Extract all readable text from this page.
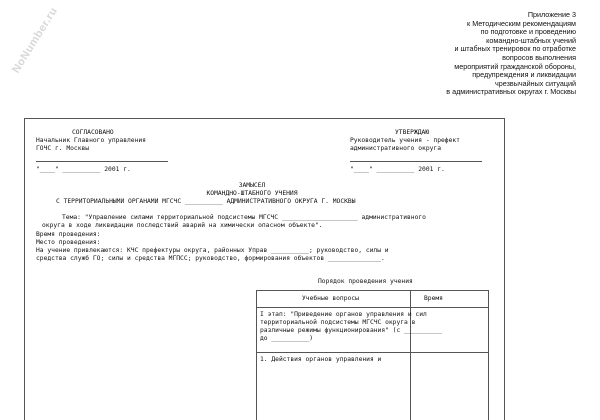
NoNumber.ru	Приложение 3
к Методическим рекомендациям
по подготовке и проведению
командно-штабных учений
и штабных тренировок по отработке
вопросов выполнения
мероприятий гражданской обороны,
предупреждения и ликвидации
чрезвычайных ситуаций
в административных округах г. Москвы
СОГЛАСОВАНО
Начальник Главного управления
ГОЧС г. Москвы
"____" __________ 2001 г.
УТВЕРЖДАЮ
Руководитель учения - префект
административного округа
"____" __________ 2001 г.
ЗАМЫСЕЛ
КОМАНДНО-ШТАБНОГО УЧЕНИЯ
С ТЕРРИТОРИАЛЬНЫМИ ОРГАНАМИ МГСЧС __________ АДМИНИСТРАТИВНОГО ОКРУГА Г. МОСКВЫ
Тема: "Управление силами территориальной подсистемы МГСЧС ____________________ административного
округа в ходе ликвидации последствий аварий на химически опасном объекте".
Время проведения:
Место проведения:
На учение привлекаются: КЧС префектуры округа, районных Управ __________; руководство, силы и
средства служб ГО; силы и средства МГПСС; руководство, формирования объектов ______________.
Порядок проведения учения
Учебные вопросы	Время
I этап: "Приведение органов управления и сил
территориальной подсистемы МГСЧС округа в
различные режимы функционирования" (с __________
до __________)
1. Действия органов управления и
